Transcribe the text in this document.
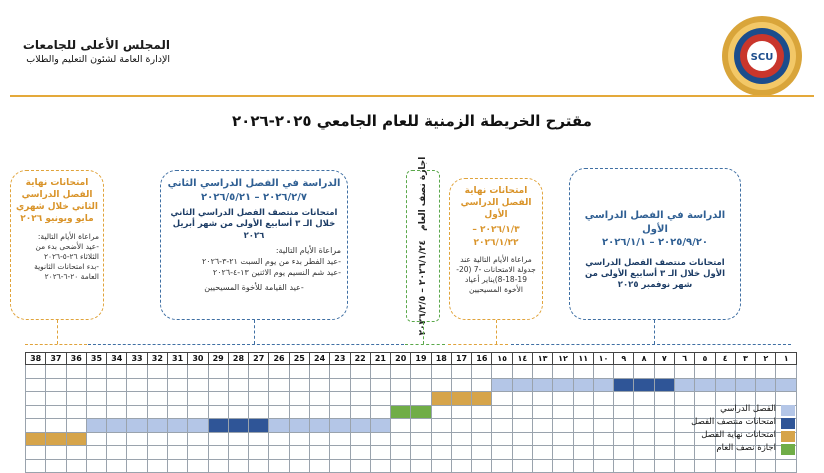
SCU
المجلس الأعلى للجامعات
الإدارة العامة لشئون التعليم والطلاب
مقترح الخريطة الزمنية للعام الجامعي ٢٠٢٥-٢٠٢٦
الدراسة في الفصل الدراسي الأول
٢٠٢٥/٩/٢٠ – ٢٠٢٦/١/١
امتحانات منتصف الفصل الدراسي الأول خلال الـ ٣ أسابيع الأولى من شهر نوفمبر ٢٠٢٥
امتحانات نهاية الفصل الدراسي الأول
٢٠٢٦/١/٣ – ٢٠٢٦/١/٢٢
مراعاة الأيام التالية عند جدولة الامتحانات -7 (20-19-18-8)يناير أعياد الأخوة المسيحيين
اجازة نصف العام ٢٠٢٦/١/٢٤ – ٢٠٢٦/٢/٥
الدراسة في الفصل الدراسي الثاني
٢٠٢٦/٢/٧ – ٢٠٢٦/٥/٢١
امتحانات منتصف الفصل الدراسي الثاني خلال الـ ٣ أسابيع الأولى من شهر أبريل ٢٠٢٦
مراعاة الأيام التالية:
-عيد الفطر بدء من يوم السبت ٢١-٣-٢٠٢٦
-عيد شم النسيم يوم الاثنين ١٣-٤-٢٠٢٦
-عيد القيامة للأخوة المسيحيين
امتحانات نهاية الفصل الدراسي الثاني خلال شهري مايو ويونيو ٢٠٢٦
مراعاة الأيام التالية:
-عيد الأضحى بدء من الثلاثاء ٢٦-٥-٢٠٢٦
-بدء امتحانات الثانوية العامة ٢٠-٦-٢٠٢٦
38	37	36	35	34	33	32	31	30	29	28	27	26	25	24	23	22	21	20	19	18	17	16	١٥	١٤	١٣	١٢	١١	١٠	٩	٨	٧	٦	٥	٤	٣	٢	١

الفصل الدراسي
امتحانات منتصف الفصل
امتحانات نهاية الفصل
اجازة نصف العام
